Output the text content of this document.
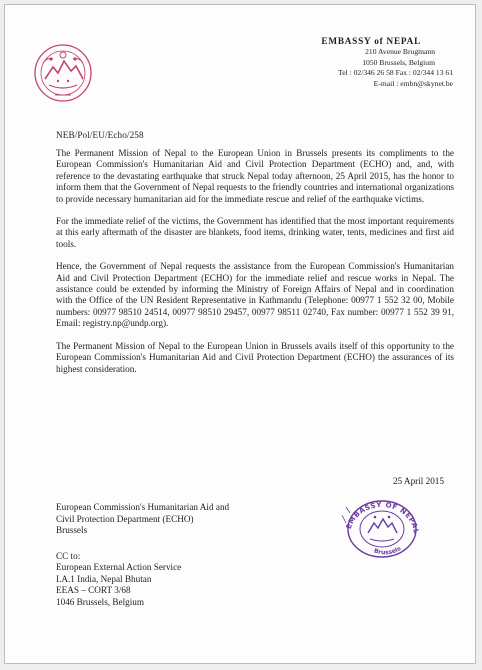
EMBASSY of NEPAL
210 Avenue Brugmann
1050 Brussels, Belgium
Tel : 02/346 26 58 Fax : 02/344 13 61
E-mail : embn@skynet.be
NEB/Pol/EU/Echo/258

The Permanent Mission of Nepal to the European Union in Brussels presents its compliments to the European Commission's Humanitarian Aid and Civil Protection Department (ECHO) and, and, with reference to the devastating earthquake that struck Nepal today afternoon, 25 April 2015, has the honor to inform them that the Government of Nepal requests to the friendly countries and international organizations to provide necessary humanitarian aid for the immediate rescue and relief of the earthquake victims.

For the immediate relief of the victims, the Government has identified that the most important requirements at this early aftermath of the disaster are blankets, food items, drinking water, tents, medicines and first aid tools.

Hence, the Government of Nepal requests the assistance from the European Commission's Humanitarian Aid and Civil Protection Department (ECHO) for the immediate relief and rescue works in Nepal. The assistance could be extended by informing the Ministry of Foreign Affairs of Nepal and in coordination with the Office of the UN Resident Representative in Kathmandu (Telephone: 00977 1 552 32 00, Mobile numbers: 00977 98510 24514, 00977 98510 29457, 00977 98511 02740, Fax number: 00977 1 552 39 91, Email: registry.np@undp.org).

The Permanent Mission of Nepal to the European Union in Brussels avails itself of this opportunity to the European Commission's Humanitarian Aid and Civil Protection Department (ECHO) the assurances of its highest consideration.

25 April 2015
European Commission's Humanitarian Aid and
Civil Protection Department (ECHO)
Brussels
CC to:
European External Action Service
I.A.1 India, Nepal Bhutan
EEAS – CORT 3/68
1046 Brussels, Belgium
EMBASSY OF NEPAL
Brussels
